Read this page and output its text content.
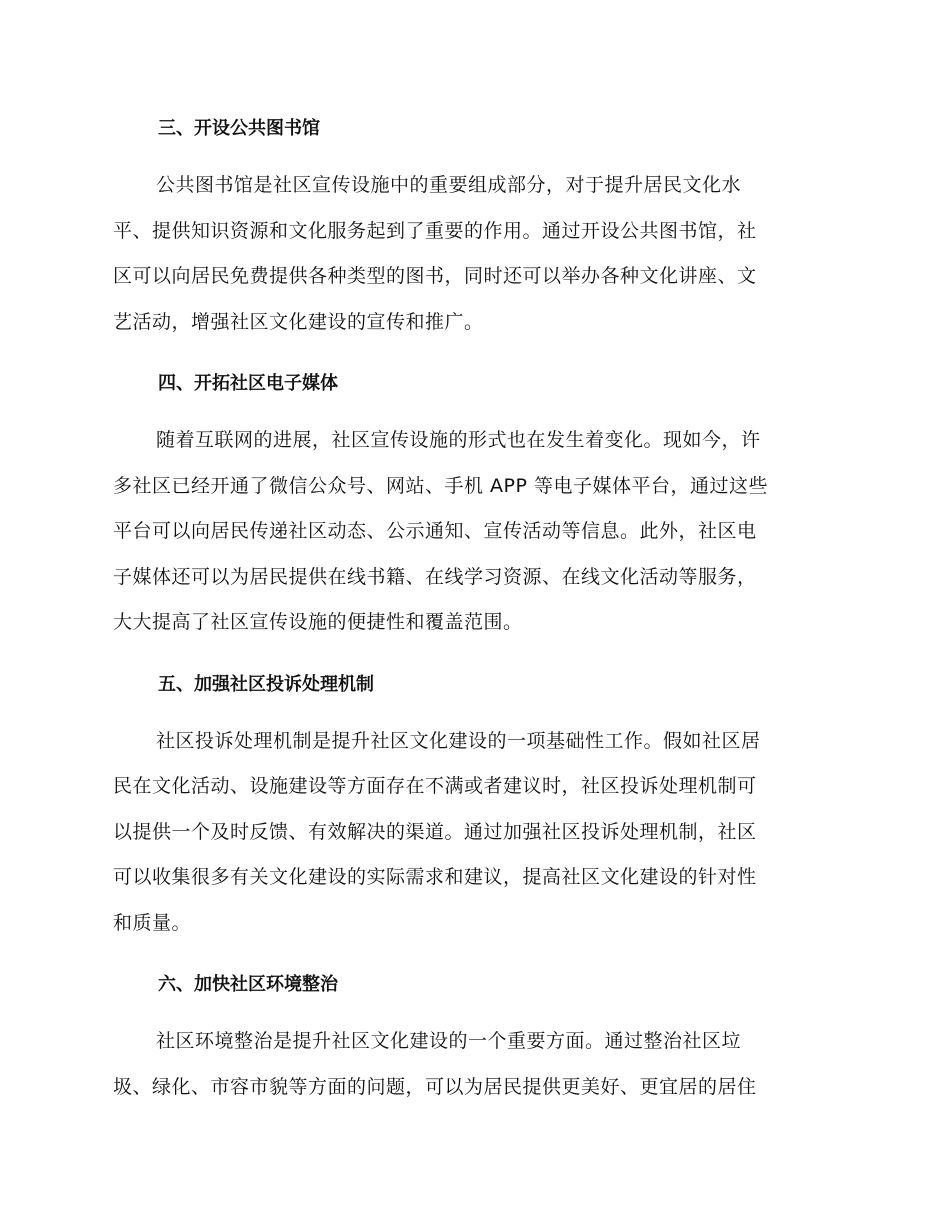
三、开设公共图书馆

公共图书馆是社区宣传设施中的重要组成部分，对于提升居民文化水
平、提供知识资源和文化服务起到了重要的作用。通过开设公共图书馆，社
区可以向居民免费提供各种类型的图书，同时还可以举办各种文化讲座、文
艺活动，增强社区文化建设的宣传和推广。

四、开拓社区电子媒体

随着互联网的进展，社区宣传设施的形式也在发生着变化。现如今，许
多社区已经开通了微信公众号、网站、手机 APP 等电子媒体平台，通过这些
平台可以向居民传递社区动态、公示通知、宣传活动等信息。此外，社区电
子媒体还可以为居民提供在线书籍、在线学习资源、在线文化活动等服务，
大大提高了社区宣传设施的便捷性和覆盖范围。

五、加强社区投诉处理机制

社区投诉处理机制是提升社区文化建设的一项基础性工作。假如社区居
民在文化活动、设施建设等方面存在不满或者建议时，社区投诉处理机制可
以提供一个及时反馈、有效解决的渠道。通过加强社区投诉处理机制，社区
可以收集很多有关文化建设的实际需求和建议，提高社区文化建设的针对性
和质量。

六、加快社区环境整治

社区环境整治是提升社区文化建设的一个重要方面。通过整治社区垃
圾、绿化、市容市貌等方面的问题，可以为居民提供更美好、更宜居的居住
